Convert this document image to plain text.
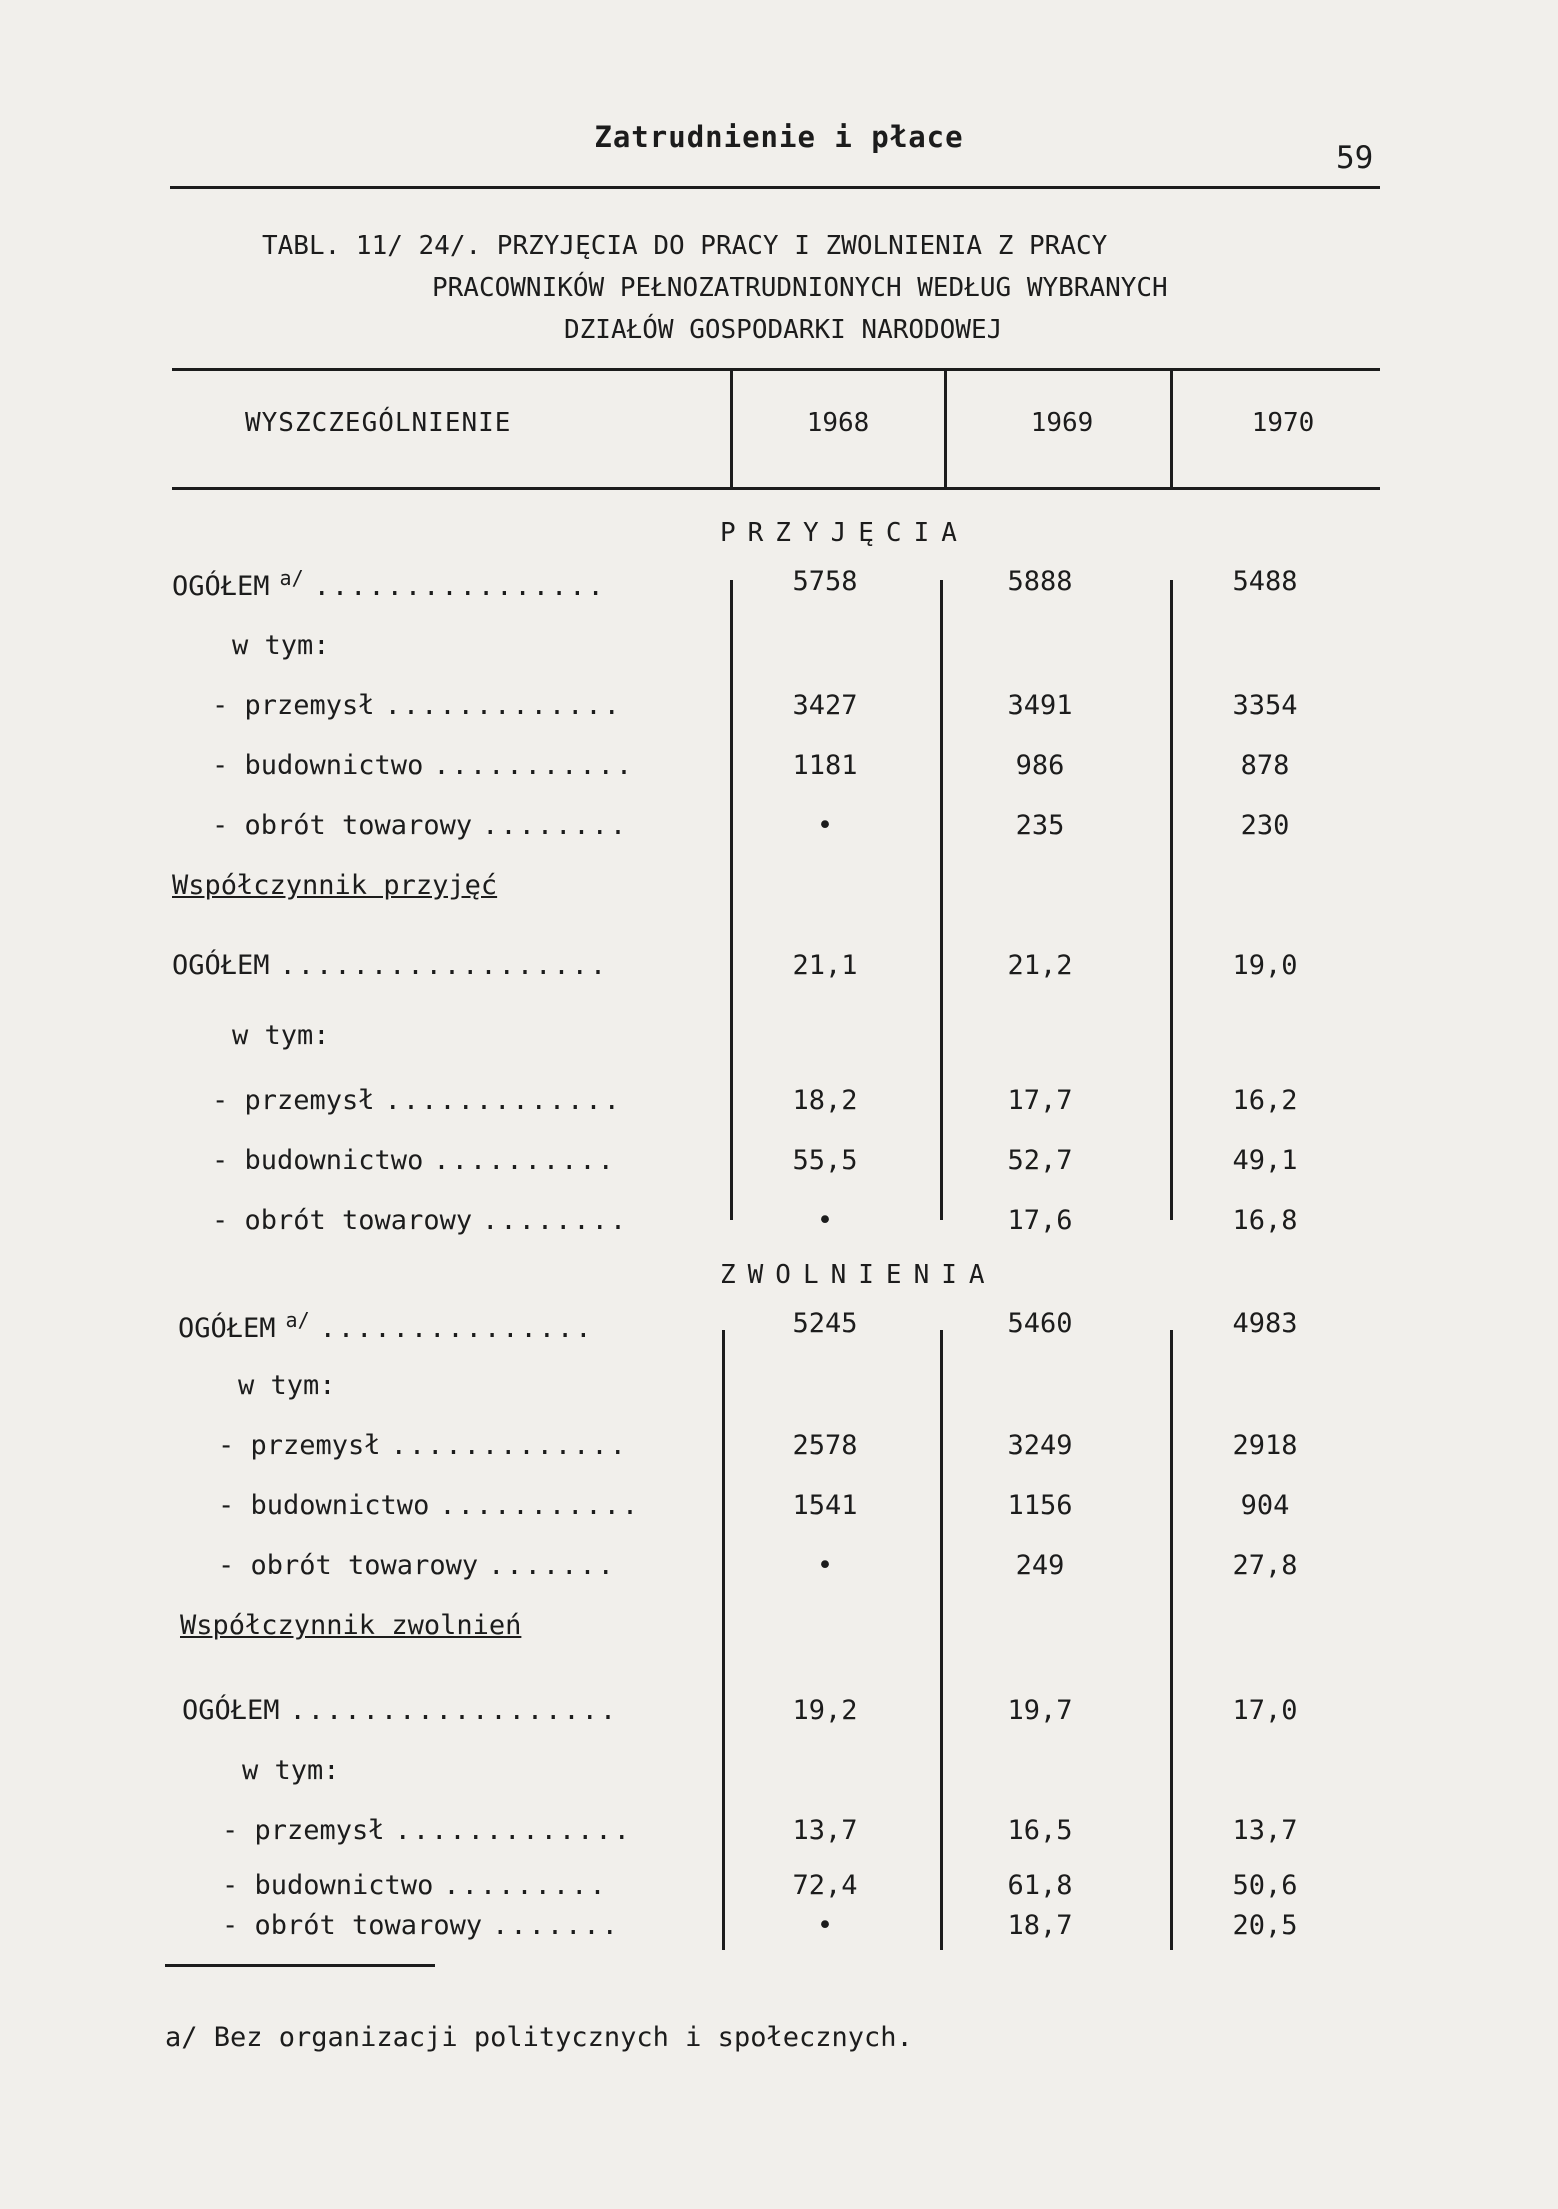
Zatrudnienie i płace
59
TABL. 11/ 24/. PRZYJĘCIA DO PRACY I ZWOLNIENIA Z PRACY
PRACOWNIKÓW PEŁNOZATRUDNIONYCH WEDŁUG WYBRANYCH
DZIAŁÓW GOSPODARKI NARODOWEJ
WYSZCZEGÓLNIENIE	1968	1969	1970
PRZYJĘCIA
OGÓŁEM $^{a/}$ ................	5758	5888	5488
w tym:
- przemysł .............	3427	3491	3354
- budownictwo ...........	1181	986	878
- obrót towarowy ........	•	235	230
Współczynnik przyjęć
OGÓŁEM ..................	21,1	21,2	19,0
w tym:
- przemysł .............	18,2	17,7	16,2
- budownictwo ..........	55,5	52,7	49,1
- obrót towarowy ........	•	17,6	16,8
ZWOLNIENIA
OGÓŁEM $^{a/}$ ...............	5245	5460	4983
w tym:
- przemysł .............	2578	3249	2918
- budownictwo ...........	1541	1156	904
- obrót towarowy .......	•	249	27,8
Współczynnik zwolnień
OGÓŁEM ..................	19,2	19,7	17,0
w tym:
- przemysł .............	13,7	16,5	13,7
- budownictwo .........	72,4	61,8	50,6
- obrót towarowy .......	•	18,7	20,5
a/ Bez organizacji politycznych i społecznych.
